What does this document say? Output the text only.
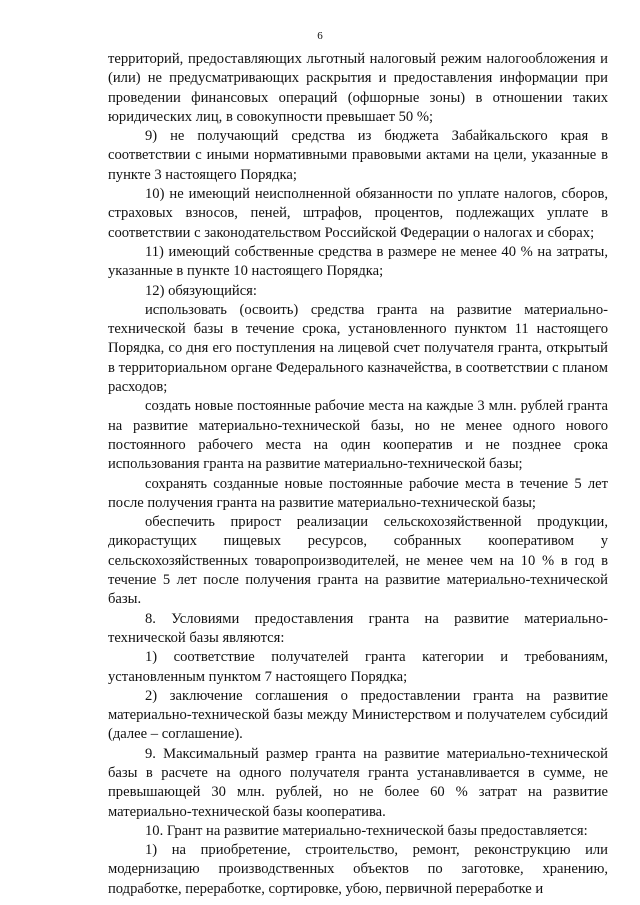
6

территорий, предоставляющих льготный налоговый режим налогообложения и (или) не предусматривающих раскрытия и предоставления информации при проведении финансовых операций (офшорные зоны) в отношении таких юридических лиц, в совокупности превышает 50 %;

9) не получающий средства из бюджета Забайкальского края в соответствии с иными нормативными правовыми актами на цели, указанные в пункте 3 настоящего Порядка;

10) не имеющий неисполненной обязанности по уплате налогов, сборов, страховых взносов, пеней, штрафов, процентов, подлежащих уплате в соответствии с законодательством Российской Федерации о налогах и сборах;

11) имеющий собственные средства в размере не менее 40 % на затраты, указанные в пункте 10 настоящего Порядка;

12) обязующийся:

использовать (освоить) средства гранта на развитие материально-технической базы в течение срока, установленного пунктом 11 настоящего Порядка, со дня его поступления на лицевой счет получателя гранта, открытый в территориальном органе Федерального казначейства, в соответствии с планом расходов;

создать новые постоянные рабочие места на каждые 3 млн. рублей гранта на развитие материально-технической базы, но не менее одного нового постоянного рабочего места на один кооператив и не позднее срока использования гранта на развитие материально-технической базы;

сохранять созданные новые постоянные рабочие места в течение 5 лет после получения гранта на развитие материально-технической базы;

обеспечить прирост реализации сельскохозяйственной продукции, дикорастущих пищевых ресурсов, собранных кооперативом у сельскохозяйственных товаропроизводителей, не менее чем на 10 % в год в течение 5 лет после получения гранта на развитие материально-технической базы.

8. Условиями предоставления гранта на развитие материально-технической базы являются:

1) соответствие получателей гранта категории и требованиям, установленным пунктом 7 настоящего Порядка;

2) заключение соглашения о предоставлении гранта на развитие материально-технической базы между Министерством и получателем субсидий (далее – соглашение).

9. Максимальный размер гранта на развитие материально-технической базы в расчете на одного получателя гранта устанавливается в сумме, не превышающей 30 млн. рублей, но не более 60 % затрат на развитие материально-технической базы кооператива.

10. Грант на развитие материально-технической базы предоставляется:

1) на приобретение, строительство, ремонт, реконструкцию или модернизацию производственных объектов по заготовке, хранению, подработке, переработке, сортировке, убою, первичной переработке и
